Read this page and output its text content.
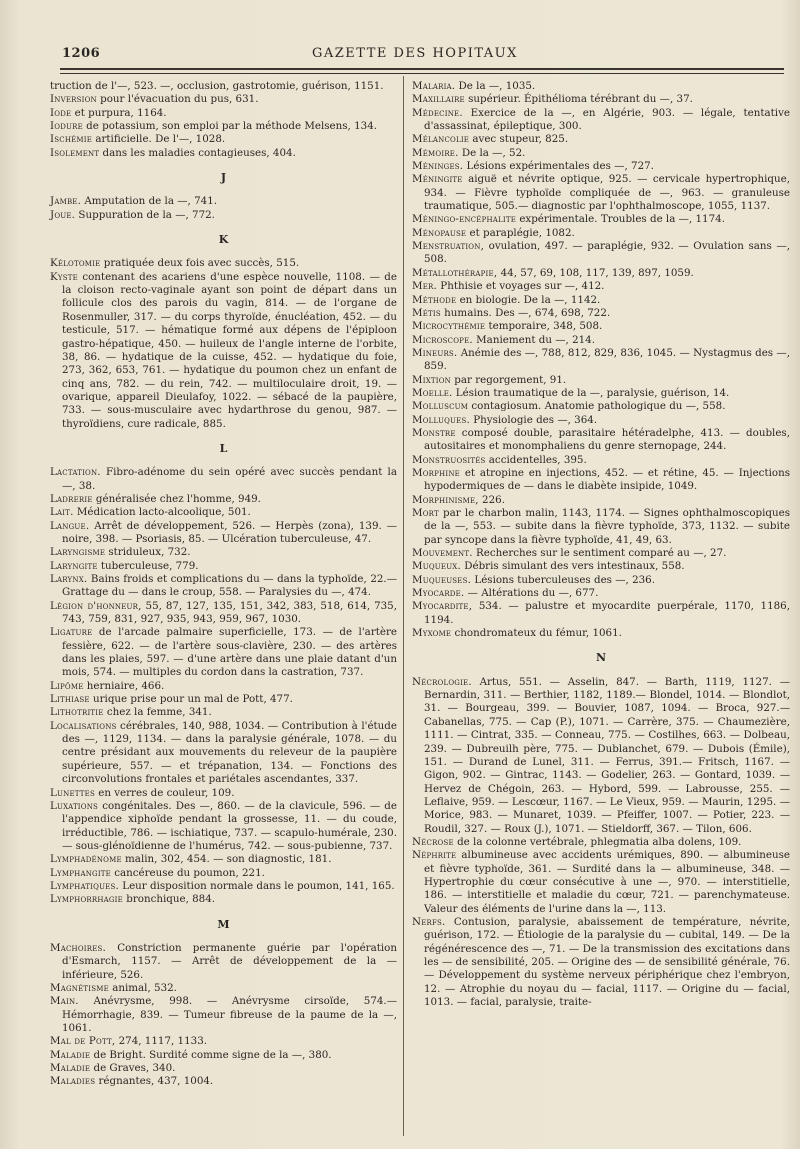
1206	GAZETTE DES HOPITAUX
truction de l'—, 523. —, occlusion, gastrotomie, guérison, 1151.
Inversion pour l'évacuation du pus, 631.
Iode et purpura, 1164.
Iodure de potassium, son emploi par la méthode Melsens, 134.
Ischémie artificielle. De l'—, 1028.
Isolement dans les maladies contagieuses, 404.
J
Jambe. Amputation de la —, 741.
Joue. Suppuration de la —, 772.
K
Kélotomie pratiquée deux fois avec succès, 515.
Kyste contenant des acariens d'une espèce nouvelle, 1108. — de la cloison recto-vaginale ayant son point de départ dans un follicule clos des parois du vagin, 814. — de l'organe de Rosenmuller, 317. — du corps thyroïde, énucléation, 452. — du testicule, 517. — hématique formé aux dépens de l'épiploon gastro-hépatique, 450. — huileux de l'angle interne de l'orbite, 38, 86. — hydatique de la cuisse, 452. — hydatique du foie, 273, 362, 653, 761. — hydatique du poumon chez un enfant de cinq ans, 782. — du rein, 742. — multiloculaire droit, 19. — ovarique, appareil Dieulafoy, 1022. — sébacé de la paupière, 733. — sous-musculaire avec hydarthrose du genou, 987. — thyroïdiens, cure radicale, 885.
L
Lactation. Fibro-adénome du sein opéré avec succès pendant la —, 38.
Ladrerie généralisée chez l'homme, 949.
Lait. Médication lacto-alcoolique, 501.
Langue. Arrêt de développement, 526. — Herpès (zona), 139. — noire, 398. — Psoriasis, 85. — Ulcération tuberculeuse, 47.
Laryngisme striduleux, 732.
Laryngite tuberculeuse, 779.
Larynx. Bains froids et complications du — dans la typhoïde, 22.— Grattage du — dans le croup, 558. — Paralysies du —, 474.
Légion d'honneur, 55, 87, 127, 135, 151, 342, 383, 518, 614, 735, 743, 759, 831, 927, 935, 943, 959, 967, 1030.
Ligature de l'arcade palmaire superficielle, 173. — de l'artère fessière, 622. — de l'artère sous-clavière, 230. — des artères dans les plaies, 597. — d'une artère dans une plaie datant d'un mois, 574. — multiples du cordon dans la castration, 737.
Lipôme herniaire, 466.
Lithiase urique prise pour un mal de Pott, 477.
Lithotritie chez la femme, 341.
Localisations cérébrales, 140, 988, 1034. — Contribution à l'étude des —, 1129, 1134. — dans la paralysie générale, 1078. — du centre présidant aux mouvements du releveur de la paupière supérieure, 557. — et trépanation, 134. — Fonctions des circonvolutions frontales et pariétales ascendantes, 337.
Lunettes en verres de couleur, 109.
Luxations congénitales. Des —, 860. — de la clavicule, 596. — de l'appendice xiphoïde pendant la grossesse, 11. — du coude, irréductible, 786. — ischiatique, 737. — scapulo-humérale, 230. — sous-glénoïdienne de l'humérus, 742. — sous-pubienne, 737.
Lymphadénome malin, 302, 454. — son diagnostic, 181.
Lymphangite cancéreuse du poumon, 221.
Lymphatiques. Leur disposition normale dans le poumon, 141, 165.
Lymphorrhagie bronchique, 884.
M
Machoires. Constriction permanente guérie par l'opération d'Esmarch, 1157. — Arrêt de développement de la — inférieure, 526.
Magnétisme animal, 532.
Main. Anévrysme, 998. — Anévrysme cirsoïde, 574.— Hémorrhagie, 839. — Tumeur fibreuse de la paume de la —, 1061.
Mal de Pott, 274, 1117, 1133.
Maladie de Bright. Surdité comme signe de la —, 380.
Maladie de Graves, 340.
Maladies régnantes, 437, 1004.
Malaria. De la —, 1035.
Maxillaire supérieur. Épithélioma térébrant du —, 37.
Médecine. Exercice de la —, en Algérie, 903. — légale, tentative d'assassinat, épileptique, 300.
Mélancolie avec stupeur, 825.
Mémoire. De la —, 52.
Méninges. Lésions expérimentales des —, 727.
Méningite aiguë et névrite optique, 925. — cervicale hypertrophique, 934. — Fièvre typhoïde compliquée de —, 963. — granuleuse traumatique, 505.— diagnostic par l'ophthalmoscope, 1055, 1137.
Méningo-encéphalite expérimentale. Troubles de la —, 1174.
Ménopause et paraplégie, 1082.
Menstruation, ovulation, 497. — paraplégie, 932. — Ovulation sans —, 508.
Métallothérapie, 44, 57, 69, 108, 117, 139, 897, 1059.
Mer. Phthisie et voyages sur —, 412.
Méthode en biologie. De la —, 1142.
Métis humains. Des —, 674, 698, 722.
Microcythémie temporaire, 348, 508.
Microscope. Maniement du —, 214.
Mineurs. Anémie des —, 788, 812, 829, 836, 1045. — Nystagmus des —, 859.
Mixtion par regorgement, 91.
Moelle. Lésion traumatique de la —, paralysie, guérison, 14.
Molluscum contagiosum. Anatomie pathologique du —, 558.
Molluques. Physiologie des —, 364.
Monstre composé double, parasitaire hétéradelphe, 413. — doubles, autositaires et monomphaliens du genre sternopage, 244.
Monstruosités accidentelles, 395.
Morphine et atropine en injections, 452. — et rétine, 45. — Injections hypodermiques de — dans le diabète insipide, 1049.
Morphinisme, 226.
Mort par le charbon malin, 1143, 1174. — Signes ophthalmoscopiques de la —, 553. — subite dans la fièvre typhoïde, 373, 1132. — subite par syncope dans la fièvre typhoïde, 41, 49, 63.
Mouvement. Recherches sur le sentiment comparé au —, 27.
Muqueux. Débris simulant des vers intestinaux, 558.
Muqueuses. Lésions tuberculeuses des —, 236.
Myocarde. — Altérations du —, 677.
Myocardite, 534. — palustre et myocardite puerpérale, 1170, 1186, 1194.
Myxome chondromateux du fémur, 1061.
N
Nécrologie. Artus, 551. — Asselin, 847. — Barth, 1119, 1127. — Bernardin, 311. — Berthier, 1182, 1189.— Blondel, 1014. — Blondlot, 31. — Bourgeau, 399. — Bouvier, 1087, 1094. — Broca, 927.— Cabanellas, 775. — Cap (P.), 1071. — Carrère, 375. — Chaumezière, 1111. — Cintrat, 335. — Conneau, 775. — Costilhes, 663. — Dolbeau, 239. — Dubreuilh père, 775. — Dublanchet, 679. — Dubois (Émile), 151. — Durand de Lunel, 311. — Ferrus, 391.— Fritsch, 1167. — Gigon, 902. — Gintrac, 1143. — Godelier, 263. — Gontard, 1039. — Hervez de Chégoin, 263. — Hybord, 599. — Labrousse, 255. — Leflaive, 959. — Lescœur, 1167. — Le Vieux, 959. — Maurin, 1295. — Morice, 983. — Munaret, 1039. — Pfeiffer, 1007. — Potier, 223. — Roudil, 327. — Roux (J.), 1071. — Stieldorff, 367. — Tilon, 606.
Nécrose de la colonne vertébrale, phlegmatia alba dolens, 109.
Néphrite albumineuse avec accidents urémiques, 890. — albumineuse et fièvre typhoïde, 361. — Surdité dans la — albumineuse, 348. — Hypertrophie du cœur consécutive à une —, 970. — interstitielle, 186. — interstitielle et maladie du cœur, 721. — parenchymateuse. Valeur des éléments de l'urine dans la —, 113.
Nerfs. Contusion, paralysie, abaissement de température, névrite, guérison, 172. — Étiologie de la paralysie du — cubital, 149. — De la régénérescence des —, 71. — De la transmission des excitations dans les — de sensibilité, 205. — Origine des — de sensibilité générale, 76. — Développement du système nerveux périphérique chez l'embryon, 12. — Atrophie du noyau du — facial, 1117. — Origine du — facial, 1013. — facial, paralysie, traite-
